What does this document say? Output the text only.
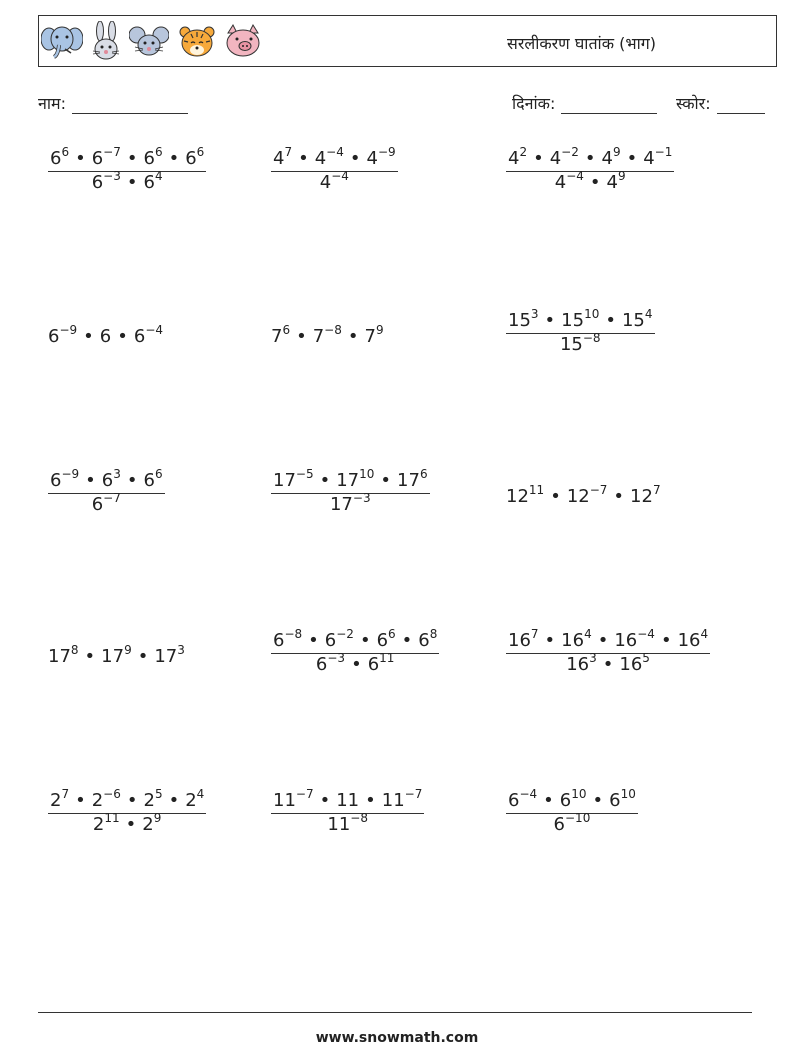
सरलीकरण घातांक (भाग)
नाम:	दिनांक:	स्कोर:
$\frac{6^6 • 6^{-7} • 6^6 • 6^6}{6^{-3} • 6^4}$	$\frac{4^7 • 4^{-4} • 4^{-9}}{4^{-4}}$	$\frac{4^2 • 4^{-2} • 4^9 • 4^{-1}}{4^{-4} • 4^9}$
$6^{-9}$ • 6 • $6^{-4}$	$7^6$ • $7^{-8}$ • $7^9$	$\frac{15^3 • 15^{10} • 15^4}{15^{-8}}$
$\frac{6^{-9} • 6^3 • 6^6}{6^{-7}}$	$\frac{17^{-5} • 17^{10} • 17^6}{17^{-3}}$	$12^{11}$ • $12^{-7}$ • $12^7$
$17^8$ • $17^9$ • $17^3$	$\frac{6^{-8} • 6^{-2} • 6^6 • 6^8}{6^{-3} • 6^{11}}$	$\frac{16^7 • 16^4 • 16^{-4} • 16^4}{16^3 • 16^5}$
$\frac{2^7 • 2^{-6} • 2^5 • 2^4}{2^{11} • 2^9}$	$\frac{11^{-7} • 11 • 11^{-7}}{11^{-8}}$	$\frac{6^{-4} • 6^{10} • 6^{10}}{6^{-10}}$
www.snowmath.com
